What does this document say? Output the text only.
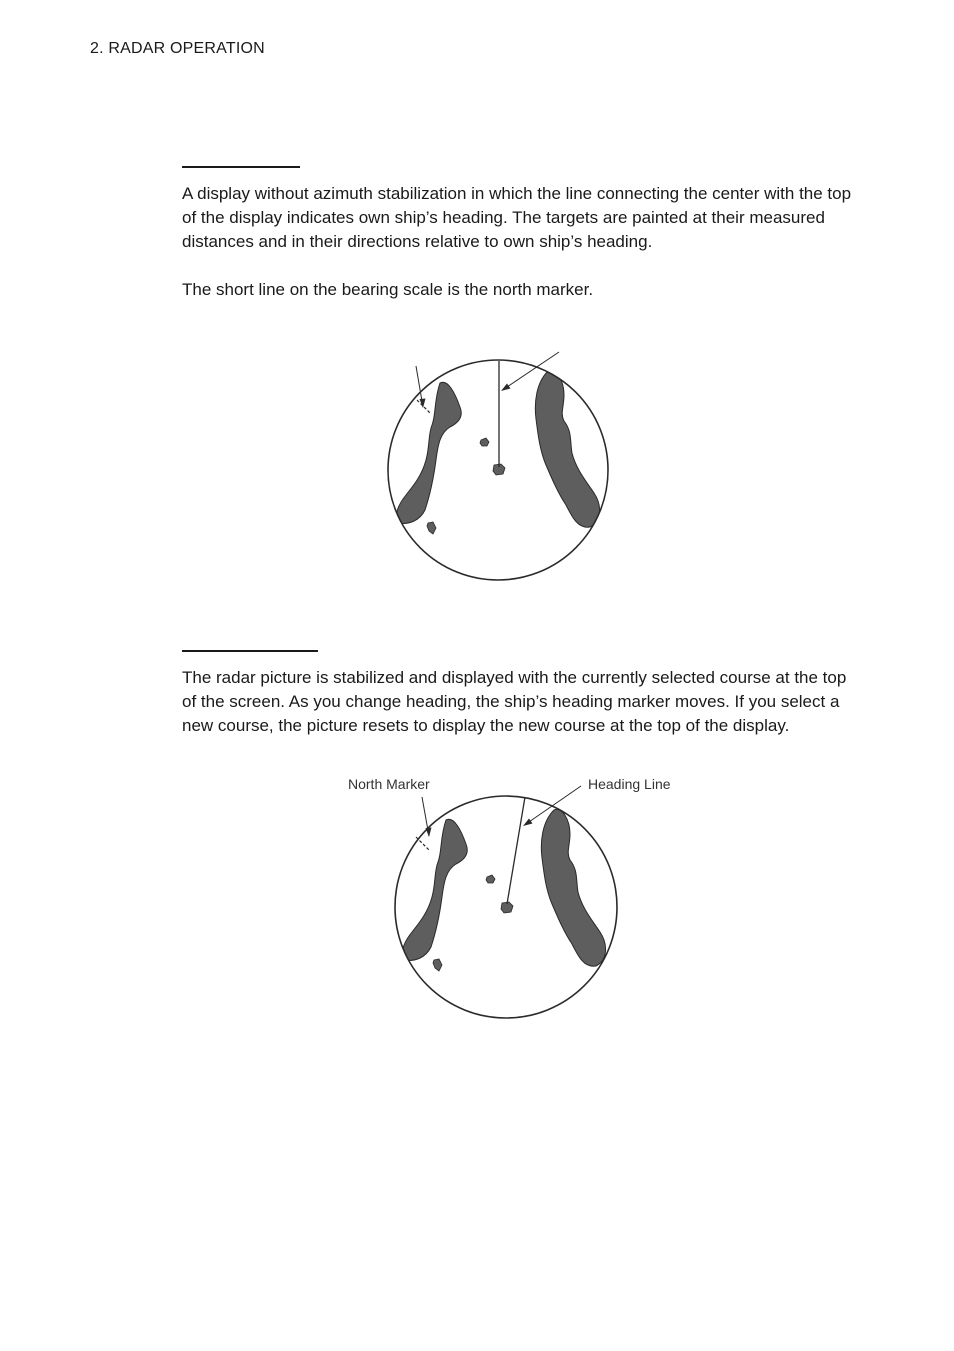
2. RADAR OPERATION

A display without azimuth stabilization in which the line connecting the center with the top of the display indicates own ship’s heading. The targets are painted at their measured distances and in their directions relative to own ship’s heading.

The short line on the bearing scale is the north marker.

The radar picture is stabilized and displayed with the currently selected course at the top of the screen. As you change heading, the ship’s heading marker moves. If you select a new course, the picture resets to display the new course at the top of the display.

North Marker	Heading Line
